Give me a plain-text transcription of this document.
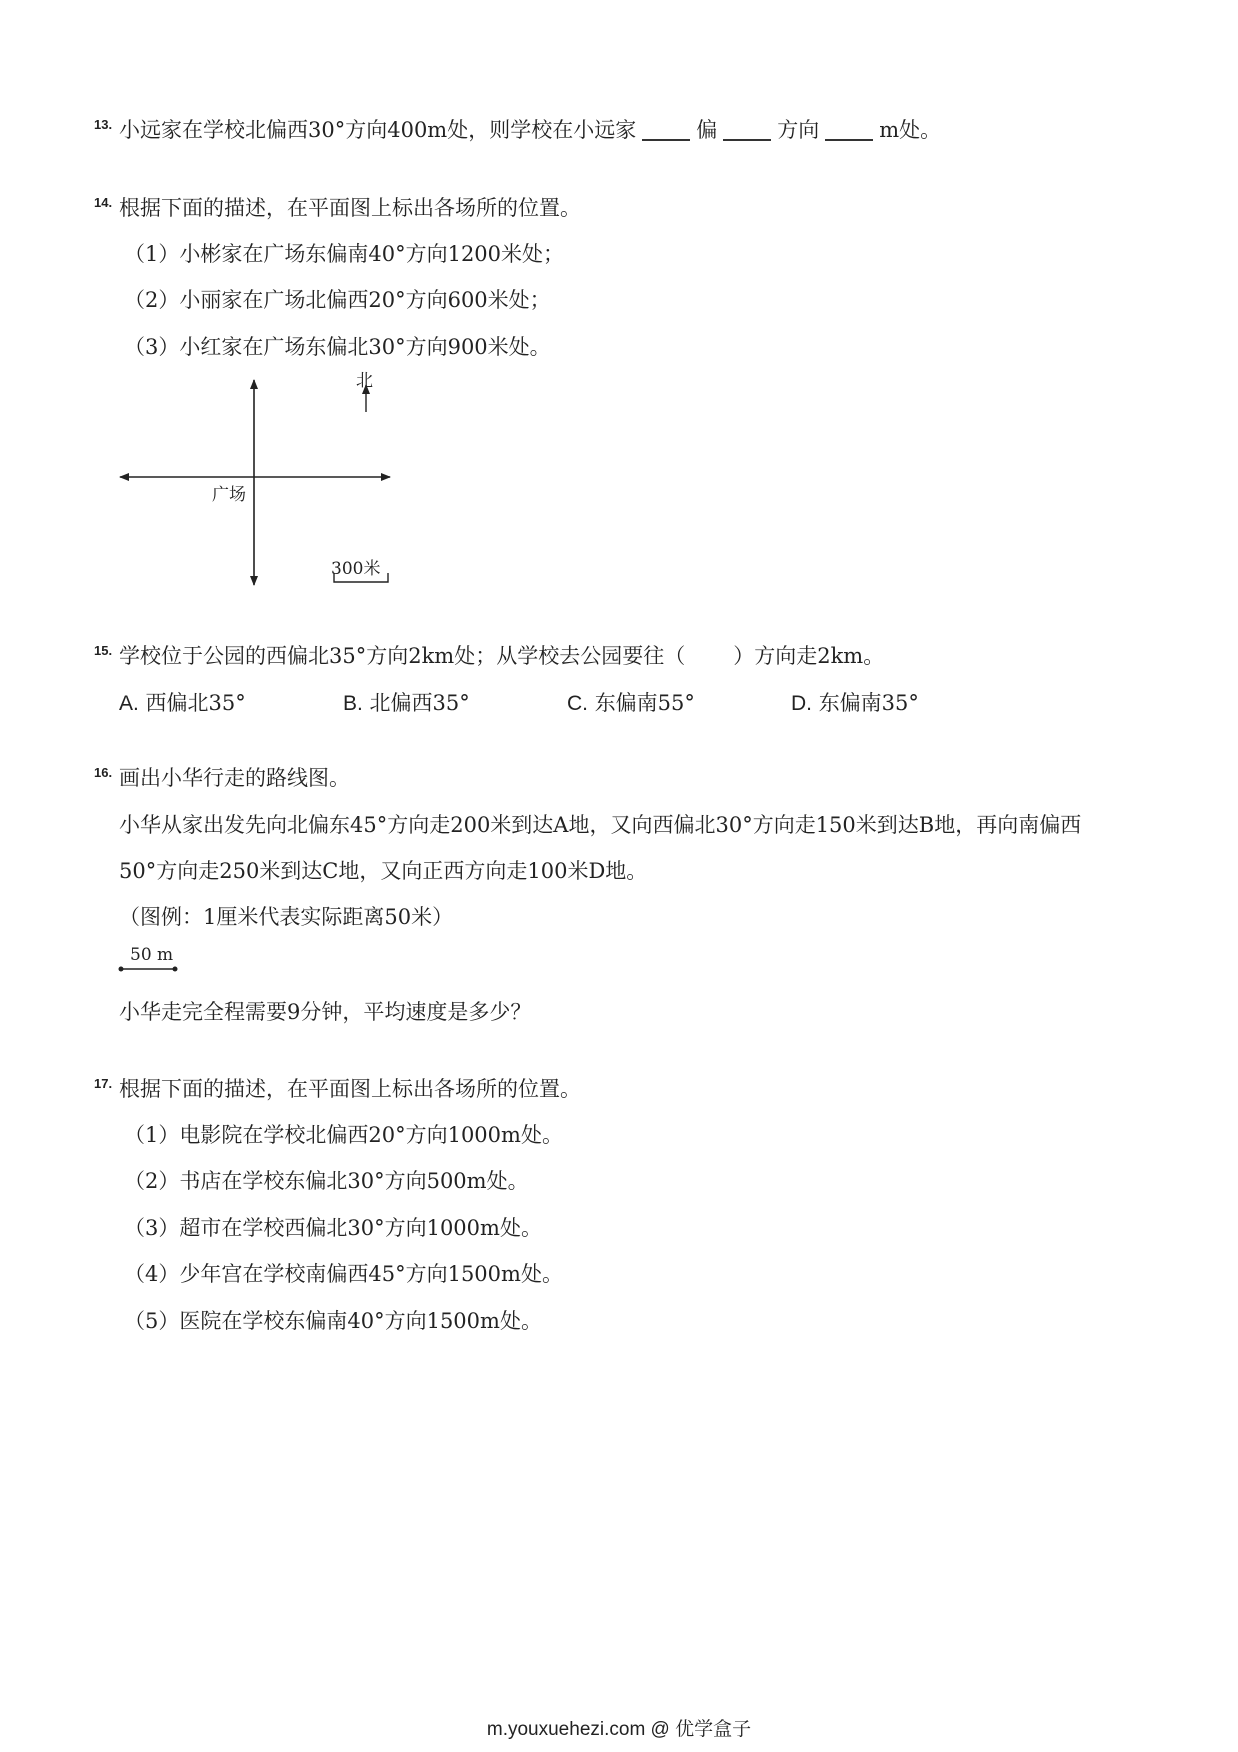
13. 小远家在学校北偏西30°方向400m处，则学校在小远家	偏	方向	m处。
14. 根据下面的描述，在平面图上标出各场所的位置。
（1）小彬家在广场东偏南40°方向1200米处；
（2）小丽家在广场北偏西20°方向600米处；
（3）小红家在广场东偏北30°方向900米处。
北
广场
300米
15. 学校位于公园的西偏北35°方向2km处；从学校去公园要往（ ）方向走2km。
A. 西偏北35°	B. 北偏西35°	C. 东偏南55°	D. 东偏南35°
16. 画出小华行走的路线图。
小华从家出发先向北偏东45°方向走200米到达A地，又向西偏北30°方向走150米到达B地，再向南偏西
50°方向走250米到达C地，又向正西方向走100米D地。
（图例：1厘米代表实际距离50米）
50 m
小华走完全程需要9分钟，平均速度是多少？
17. 根据下面的描述，在平面图上标出各场所的位置。
（1）电影院在学校北偏西20°方向1000m处。
（2）书店在学校东偏北30°方向500m处。
（3）超市在学校西偏北30°方向1000m处。
（4）少年宫在学校南偏西45°方向1500m处。
（5）医院在学校东偏南40°方向1500m处。
m.youxuehezi.com @ 优学盒子
